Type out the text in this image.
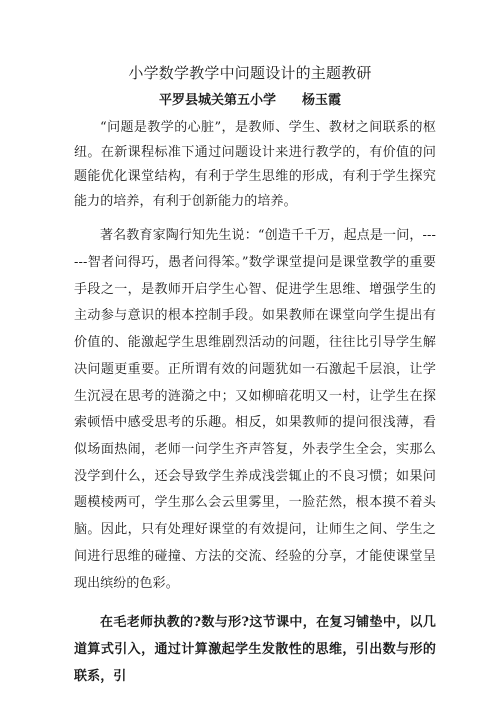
小学数学教学中问题设计的主题教研
平罗县城关第五小学 杨玉霞

“问题是教学的心脏”，是教师、学生、教材之间联系的枢纽。在新课程标准下通过问题设计来进行教学的，有价值的问题能优化课堂结构，有利于学生思维的形成，有利于学生探究能力的培养，有利于创新能力的培养。

著名教育家陶行知先生说：“创造千千万，起点是一问，------智者问得巧，愚者问得笨。”数学课堂提问是课堂教学的重要手段之一，是教师开启学生心智、促进学生思维、增强学生的主动参与意识的根本控制手段。如果教师在课堂向学生提出有价值的、能激起学生思维剧烈活动的问题，往往比引导学生解决问题更重要。正所谓有效的问题犹如一石激起千层浪，让学生沉浸在思考的涟漪之中；又如柳暗花明又一村，让学生在探索顿悟中感受思考的乐趣。相反，如果教师的提问很浅薄，看似场面热闹，老师一问学生齐声答复，外表学生全会，实那么没学到什么，还会导致学生养成浅尝辄止的不良习惯；如果问题模棱两可，学生那么会云里雾里，一脸茫然，根本摸不着头脑。因此，只有处理好课堂的有效提问，让师生之间、学生之间进行思维的碰撞、方法的交流、经验的分享，才能使课堂呈现出缤纷的色彩。

在毛老师执教的?数与形?这节课中，在复习铺垫中，以几道算式引入，通过计算激起学生发散性的思维，引出数与形的联系，引
